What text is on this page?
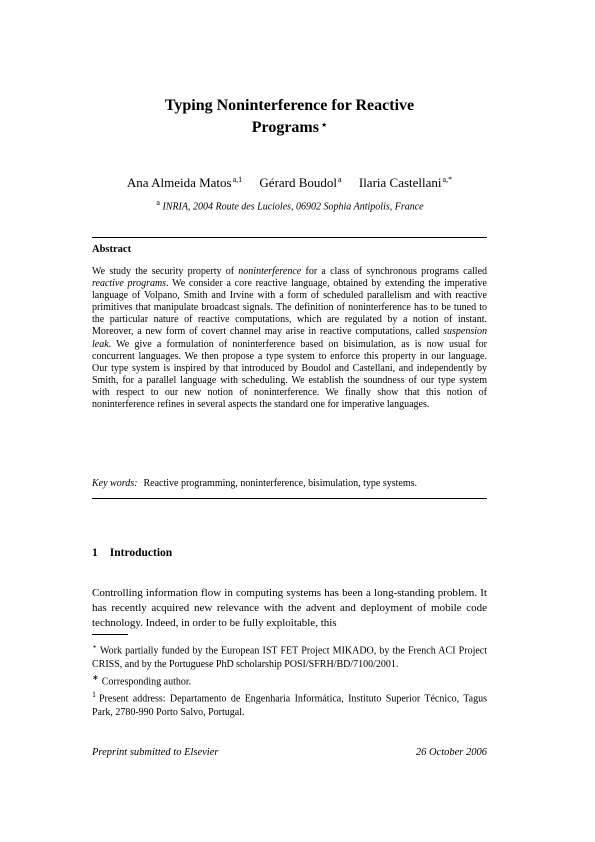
Typing Noninterference for Reactive
Programs ⋆
Ana Almeida Matos$^{a,1}$ Gérard Boudol$^a$ Ilaria Castellani$^{a,*}$
$^a$ INRIA, 2004 Route des Lucioles, 06902 Sophia Antipolis, France
Abstract

We study the security property of noninterference for a class of synchronous programs called reactive programs. We consider a core reactive language, obtained by extending the imperative language of Volpano, Smith and Irvine with a form of scheduled parallelism and with reactive primitives that manipulate broadcast signals. The definition of noninterference has to be tuned to the particular nature of reactive computations, which are regulated by a notion of instant. Moreover, a new form of covert channel may arise in reactive computations, called suspension leak. We give a formulation of noninterference based on bisimulation, as is now usual for concurrent languages. We then propose a type system to enforce this property in our language. Our type system is inspired by that introduced by Boudol and Castellani, and independently by Smith, for a parallel language with scheduling. We establish the soundness of our type system with respect to our new notion of noninterference. We finally show that this notion of noninterference refines in several aspects the standard one for imperative languages.

Key words: Reactive programming, noninterference, bisimulation, type systems.
1 Introduction

Controlling information flow in computing systems has been a long-standing problem. It has recently acquired new relevance with the advent and deployment of mobile code technology. Indeed, in order to be fully exploitable, this

⋆ Work partially funded by the European IST FET Project MIKADO, by the French ACI Project CRISS, and by the Portuguese PhD scholarship POSI/SFRH/BD/7100/2001.

∗ Corresponding author.

$^1$ Present address: Departamento de Engenharia Informática, Instituto Superior Técnico, Tagus Park, 2780-990 Porto Salvo, Portugal.

Preprint submitted to Elsevier	26 October 2006
